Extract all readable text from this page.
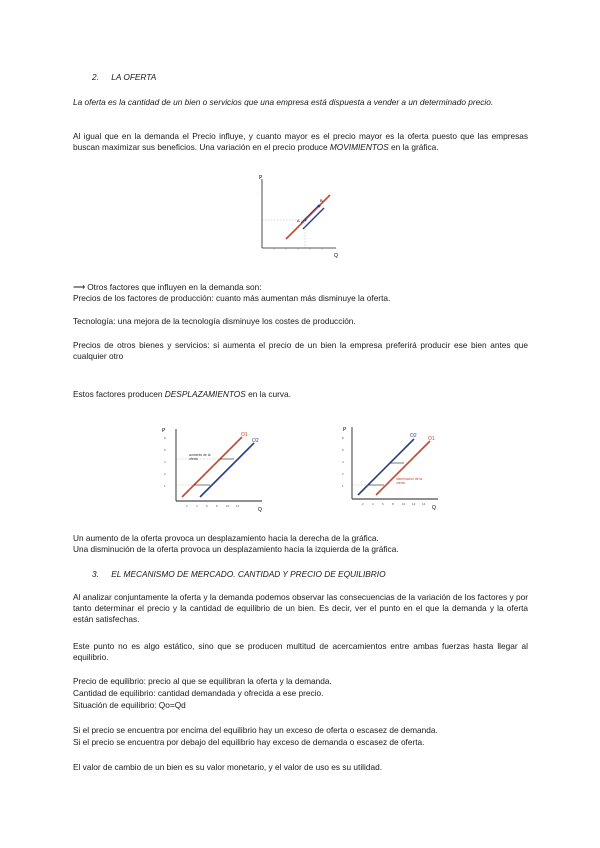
2. LA OFERTA

La oferta es la cantidad de un bien o servicios que una empresa está dispuesta a vender a un determinado precio.

Al igual que en la demanda el Precio influye, y cuanto mayor es el precio mayor es la oferta puesto que las empresas buscan maximizar sus beneficios. Una variación en el precio produce MOVIMIENTOS en la gráfica.

P
Q
.
.
.
.
.
A
B

⟶ Otros factores que influyen en la demanda son:

Precios de los factores de producción: cuanto más aumentan más disminuye la oferta.

Tecnología: una mejora de la tecnología disminuye los costes de producción.

Precios de otros bienes y servicios: si aumenta el precio de un bien la empresa preferirá producir ese bien antes que cualquier otro

Estos factores producen DESPLAZAMIENTOS en la curva.

P
Q
8
6
4
2
1
2	4	6	8	10 12
O1
O2
aumento de la oferta
P
Q
8
6
4
2
1
2	4	6	8	10 12 14
O2 O1
disminución de la oferta

Un aumento de la oferta provoca un desplazamiento hacia la derecha de la gráfica.

Una disminución de la oferta provoca un desplazamiento hacia la izquierda de la gráfica.

3. EL MECANISMO DE MERCADO. CANTIDAD Y PRECIO DE EQUILIBRIO

Al analizar conjuntamente la oferta y la demanda podemos observar las consecuencias de la variación de los factores y por tanto determinar el precio y la cantidad de equilibrio de un bien. Es decir, ver el punto en el que la demanda y la oferta están satisfechas.

Este punto no es algo estático, sino que se producen multitud de acercamientos entre ambas fuerzas hasta llegar al equilibrio.

Precio de equilibrio: precio al que se equilibran la oferta y la demanda.

Cantidad de equilibrio: cantidad demandada y ofrecida a ese precio.

Situación de equilibrio: Qo=Qd

Si el precio se encuentra por encima del equilibrio hay un exceso de oferta o escasez de demanda.

Si el precio se encuentra por debajo del equilibrio hay exceso de demanda o escasez de oferta.

El valor de cambio de un bien es su valor monetario, y el valor de uso es su utilidad.
